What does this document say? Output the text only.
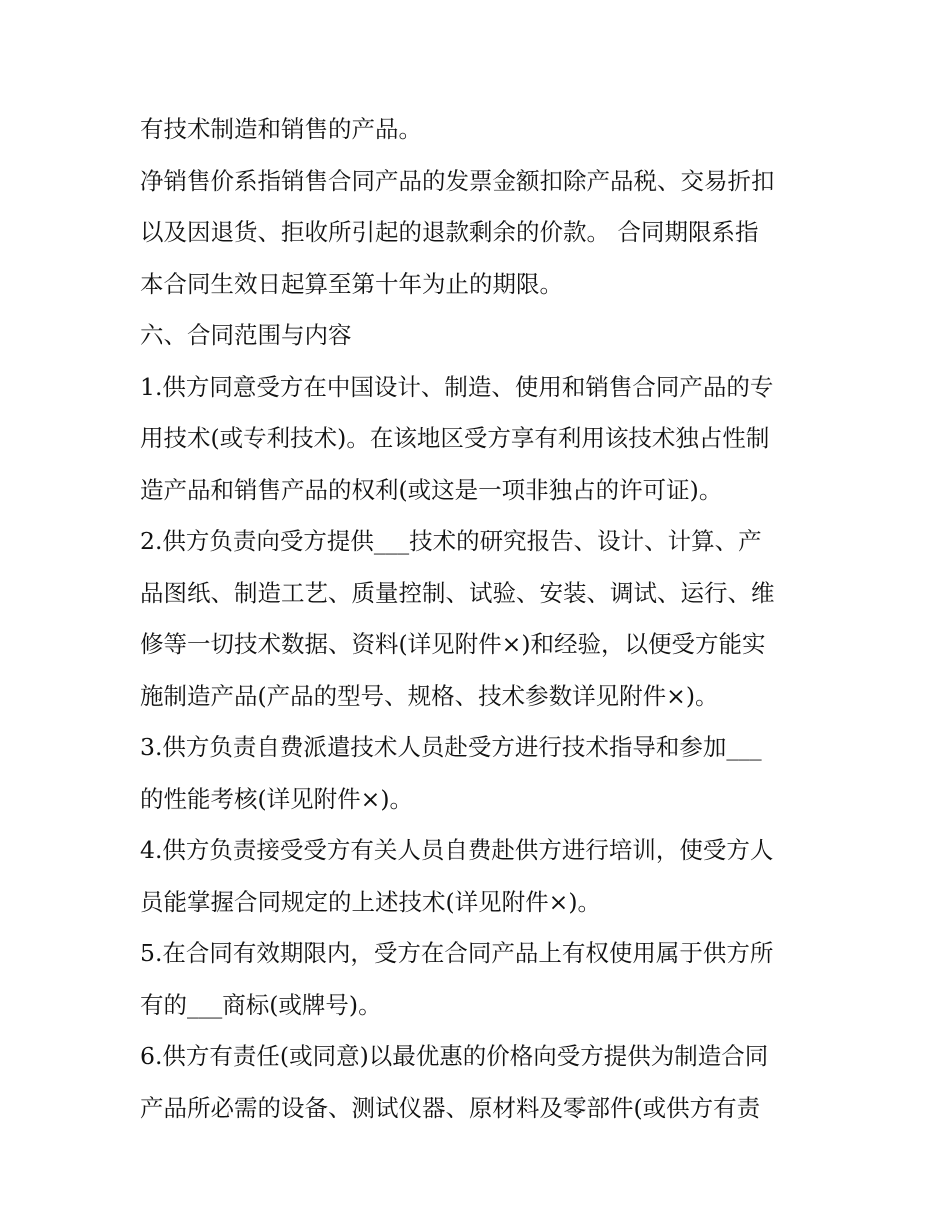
有技术制造和销售的产品。
净销售价系指销售合同产品的发票金额扣除产品税、交易折扣
以及因退货、拒收所引起的退款剩余的价款。 合同期限系指
本合同生效日起算至第十年为止的期限。
六、合同范围与内容
1.供方同意受方在中国设计、制造、使用和销售合同产品的专
用技术(或专利技术)。在该地区受方享有利用该技术独占性制
造产品和销售产品的权利(或这是一项非独占的许可证)。
2.供方负责向受方提供___技术的研究报告、设计、计算、产
品图纸、制造工艺、质量控制、试验、安装、调试、运行、维
修等一切技术数据、资料(详见附件×)和经验，以便受方能实
施制造产品(产品的型号、规格、技术参数详见附件×)。
3.供方负责自费派遣技术人员赴受方进行技术指导和参加___
的性能考核(详见附件×)。
4.供方负责接受受方有关人员自费赴供方进行培训，使受方人
员能掌握合同规定的上述技术(详见附件×)。
5.在合同有效期限内，受方在合同产品上有权使用属于供方所
有的___商标(或牌号)。
6.供方有责任(或同意)以最优惠的价格向受方提供为制造合同
产品所必需的设备、测试仪器、原材料及零部件(或供方有责
